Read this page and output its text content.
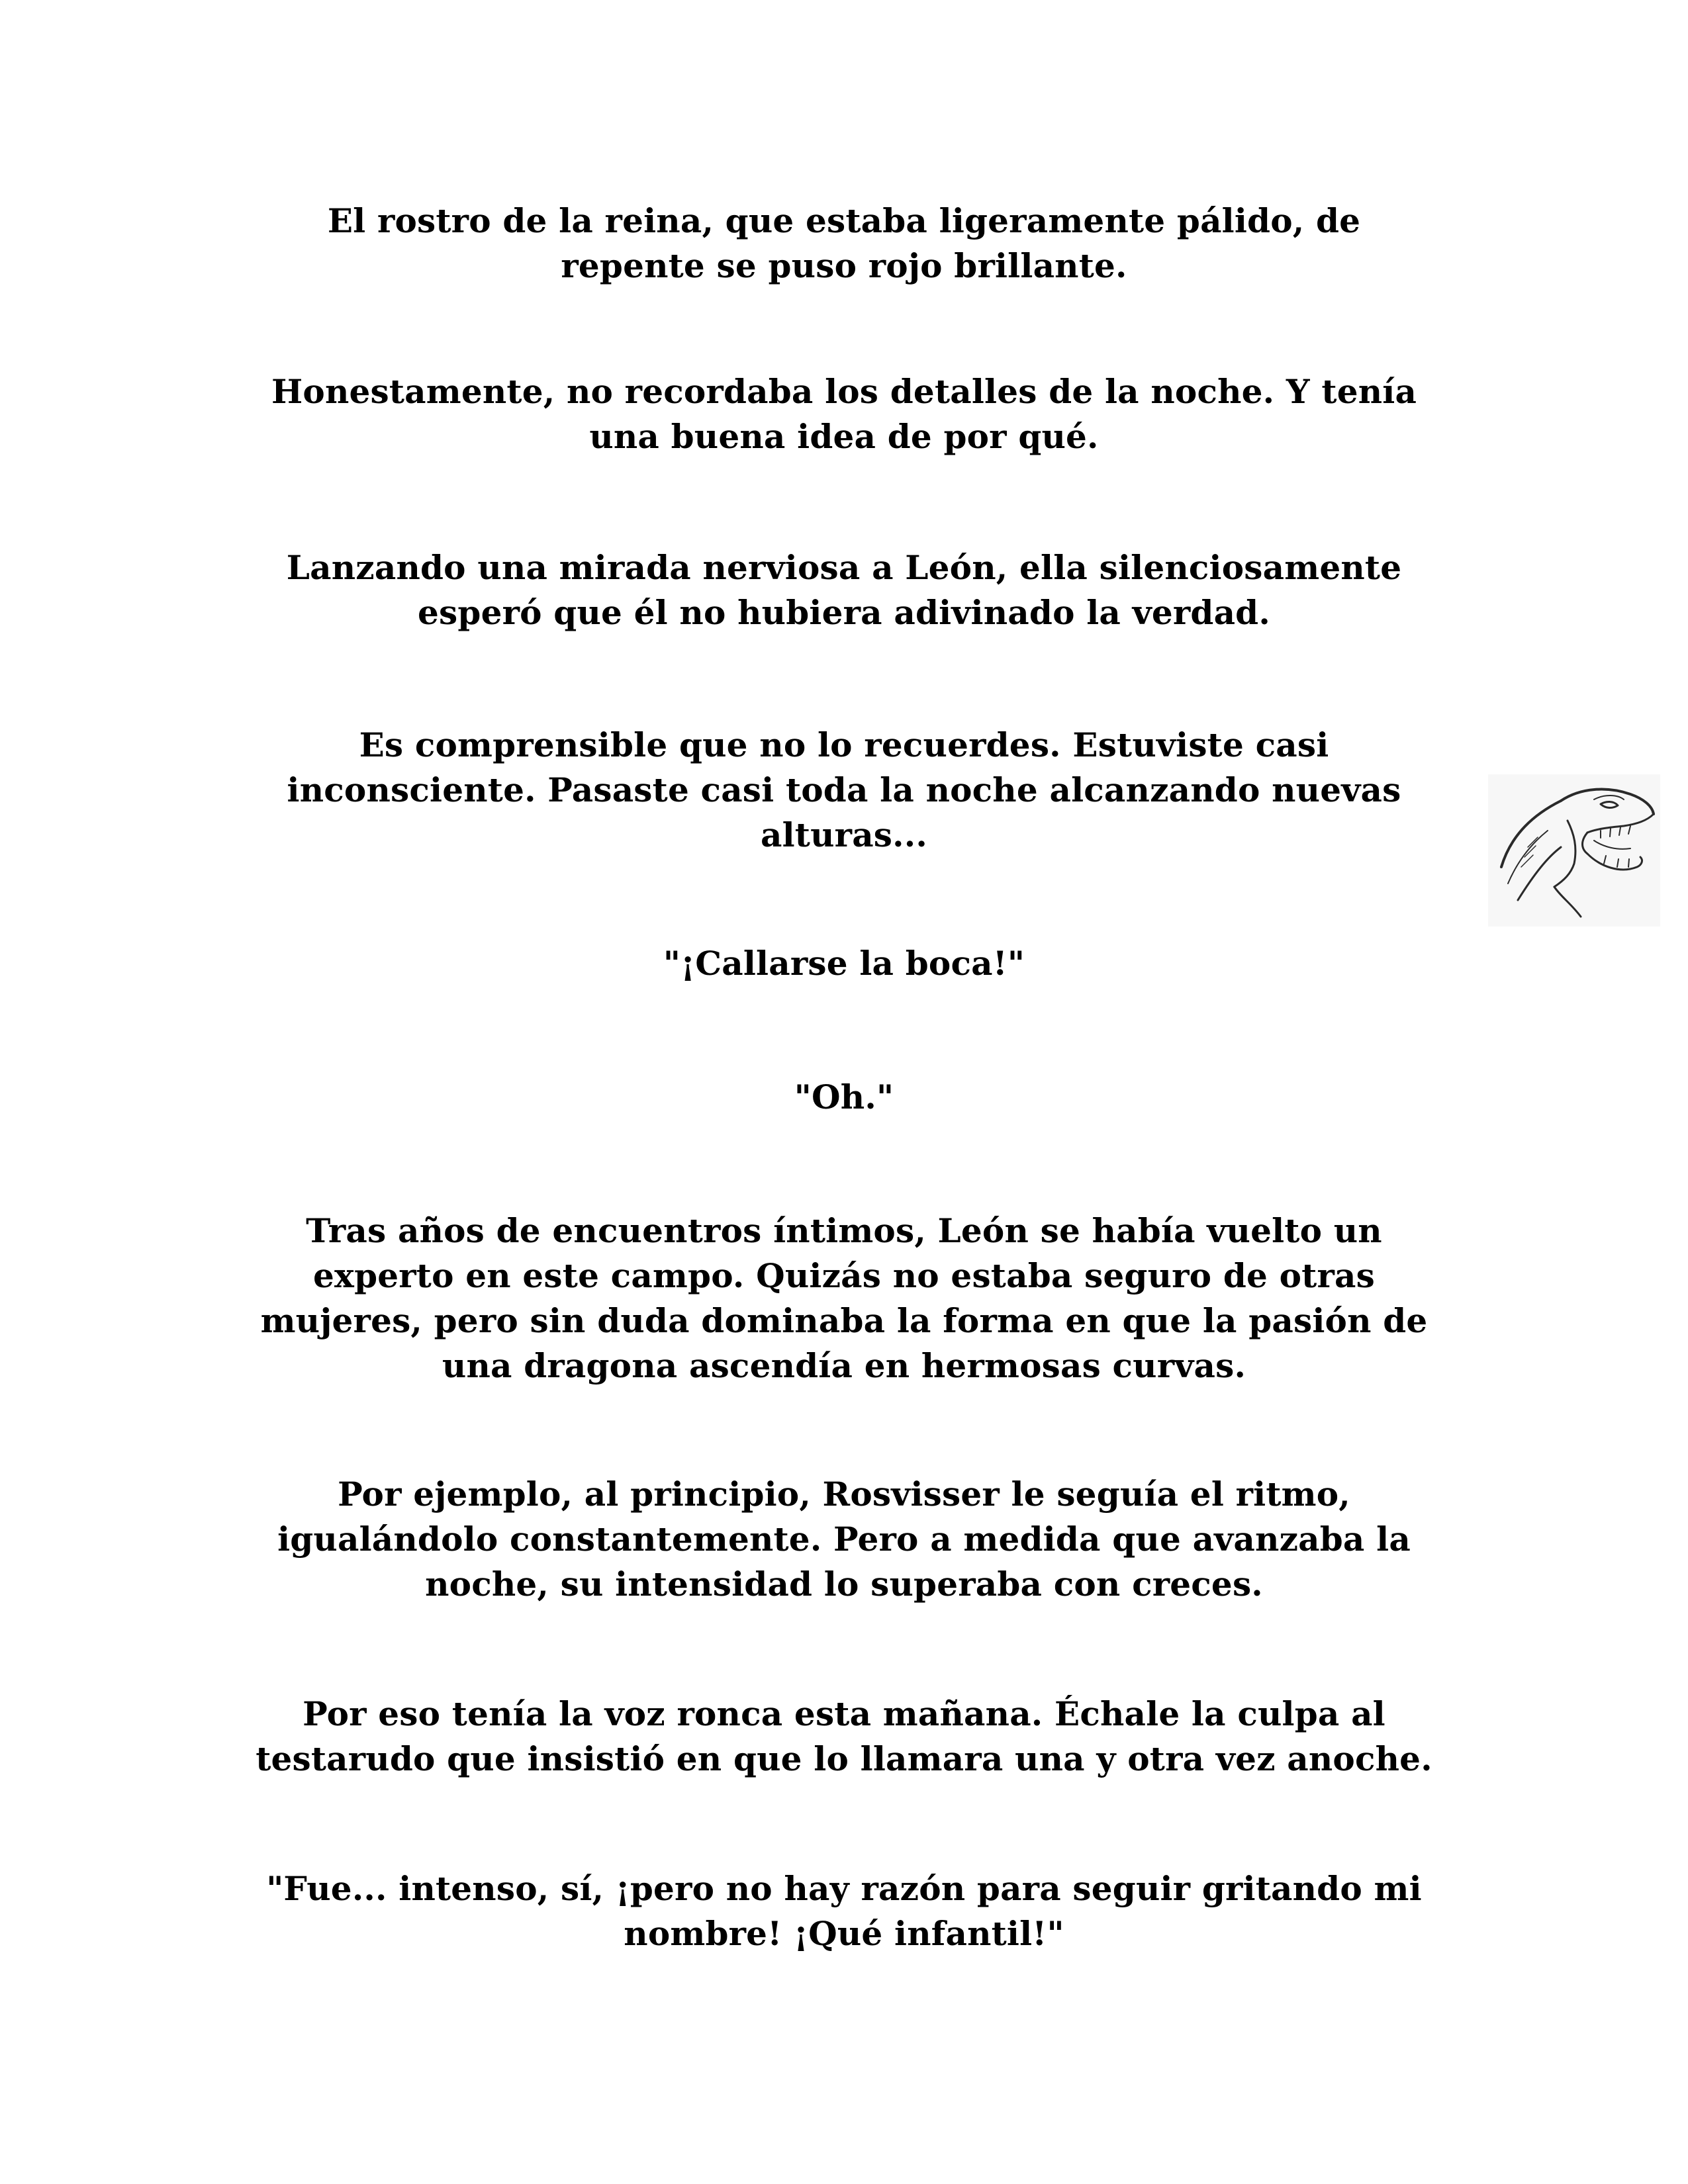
El rostro de la reina, que estaba ligeramente pálido, de
repente se puso rojo brillante.

Honestamente, no recordaba los detalles de la noche. Y tenía
una buena idea de por qué.

Lanzando una mirada nerviosa a León, ella silenciosamente
esperó que él no hubiera adivinado la verdad.

Es comprensible que no lo recuerdes. Estuviste casi
inconsciente. Pasaste casi toda la noche alcanzando nuevas
alturas...

"¡Callarse la boca!"

"Oh."

Tras años de encuentros íntimos, León se había vuelto un
experto en este campo. Quizás no estaba seguro de otras
mujeres, pero sin duda dominaba la forma en que la pasión de
una dragona ascendía en hermosas curvas.

Por ejemplo, al principio, Rosvisser le seguía el ritmo,
igualándolo constantemente. Pero a medida que avanzaba la
noche, su intensidad lo superaba con creces.

Por eso tenía la voz ronca esta mañana. Échale la culpa al
testarudo que insistió en que lo llamara una y otra vez anoche.

"Fue... intenso, sí, ¡pero no hay razón para seguir gritando mi
nombre! ¡Qué infantil!"
